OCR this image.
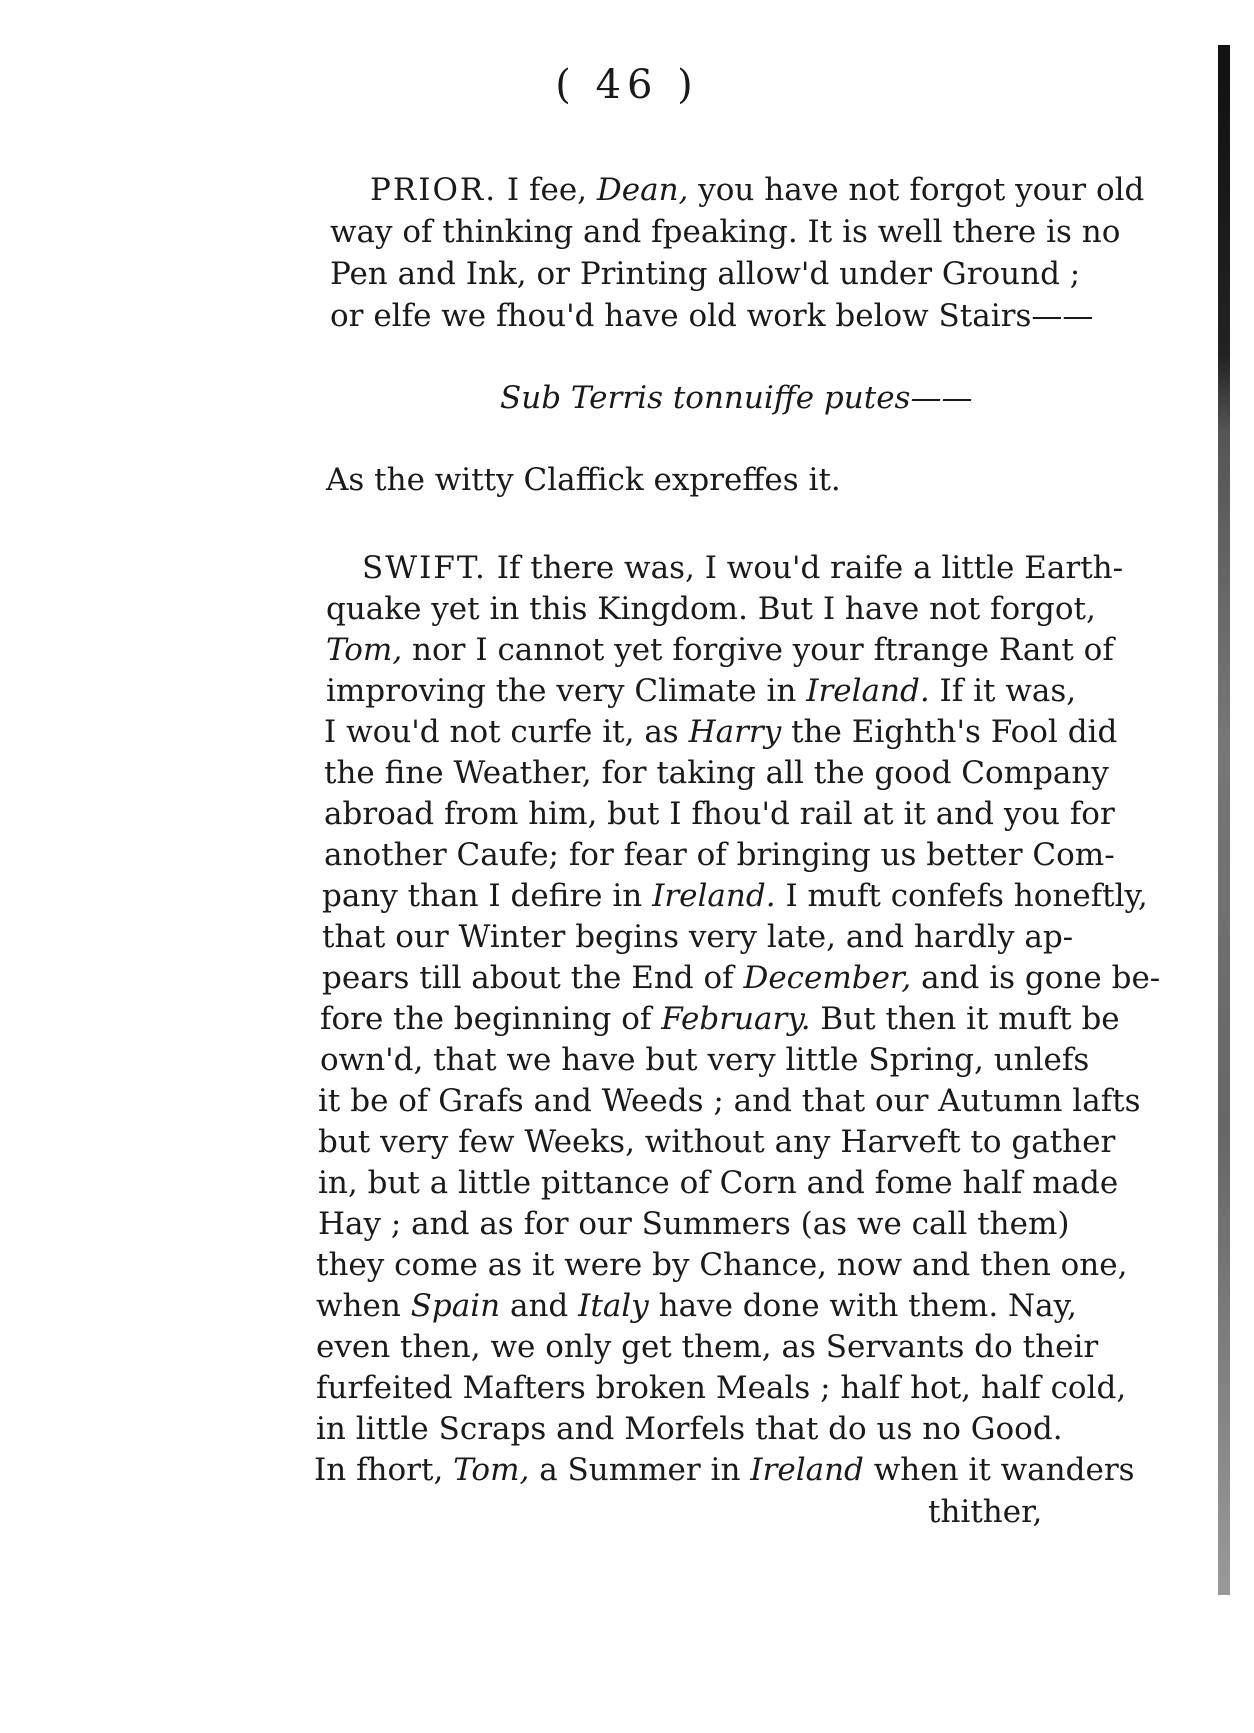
( 46 )
PRIOR. I fee, Dean, you have not forgot your old
way of thinking and fpeaking. It is well there is no
Pen and Ink, or Printing allow'd under Ground ;
or elfe we fhou'd have old work below Stairs——
Sub Terris tonnuiffe putes——
As the witty Claffick expreffes it.
SWIFT. If there was, I wou'd raife a little Earth-
quake yet in this Kingdom. But I have not forgot,
Tom, nor I cannot yet forgive your ftrange Rant of
improving the very Climate in Ireland. If it was,
I wou'd not curfe it, as Harry the Eighth's Fool did
the fine Weather, for taking all the good Company
abroad from him, but I fhou'd rail at it and you for
another Caufe; for fear of bringing us better Com-
pany than I defire in Ireland. I muft confefs honeftly,
that our Winter begins very late, and hardly ap-
pears till about the End of December, and is gone be-
fore the beginning of February. But then it muft be
own'd, that we have but very little Spring, unlefs
it be of Grafs and Weeds ; and that our Autumn lafts
but very few Weeks, without any Harveft to gather
in, but a little pittance of Corn and fome half made
Hay ; and as for our Summers (as we call them)
they come as it were by Chance, now and then one,
when Spain and Italy have done with them. Nay,
even then, we only get them, as Servants do their
furfeited Mafters broken Meals ; half hot, half cold,
in little Scraps and Morfels that do us no Good.
In fhort, Tom, a Summer in Ireland when it wanders
thither,
